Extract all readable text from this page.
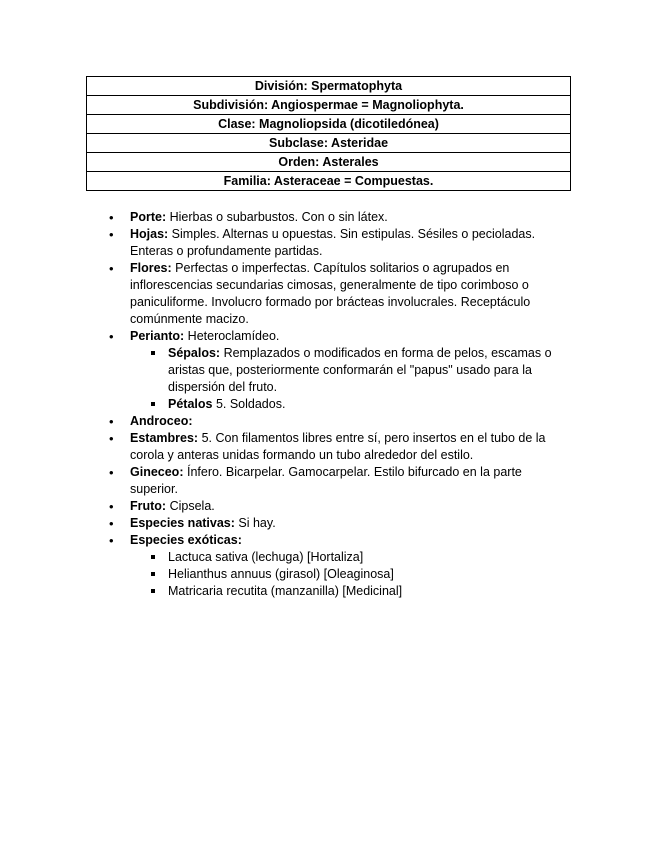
División: Spermatophyta
Subdivisión: Angiospermae = Magnoliophyta.
Clase: Magnoliopsida (dicotiledónea)
Subclase: Asteridae
Orden: Asterales
Familia: Asteraceae = Compuestas.
• Porte: Hierbas o subarbustos. Con o sin látex.
• Hojas: Simples. Alternas u opuestas. Sin estipulas. Sésiles o pecioladas. Enteras o profundamente partidas.
• Flores: Perfectas o imperfectas. Capítulos solitarios o agrupados en inflorescencias secundarias cimosas, generalmente de tipo corimboso o paniculiforme. Involucro formado por brácteas involucrales. Receptáculo comúnmente macizo.
• Perianto: Heteroclamídeo.
Sépalos: Remplazados o modificados en forma de pelos, escamas o aristas que, posteriormente conformarán el "papus" usado para la dispersión del fruto.
Pétalos 5. Soldados.
• Androceo:
• Estambres: 5. Con filamentos libres entre sí, pero insertos en el tubo de la corola y anteras unidas formando un tubo alrededor del estilo.
• Gineceo: Ínfero. Bicarpelar. Gamocarpelar. Estilo bifurcado en la parte superior.
• Fruto: Cipsela.
• Especies nativas: Si hay.
• Especies exóticas:
Lactuca sativa (lechuga) [Hortaliza]
Helianthus annuus (girasol) [Oleaginosa]
Matricaria recutita (manzanilla) [Medicinal]
